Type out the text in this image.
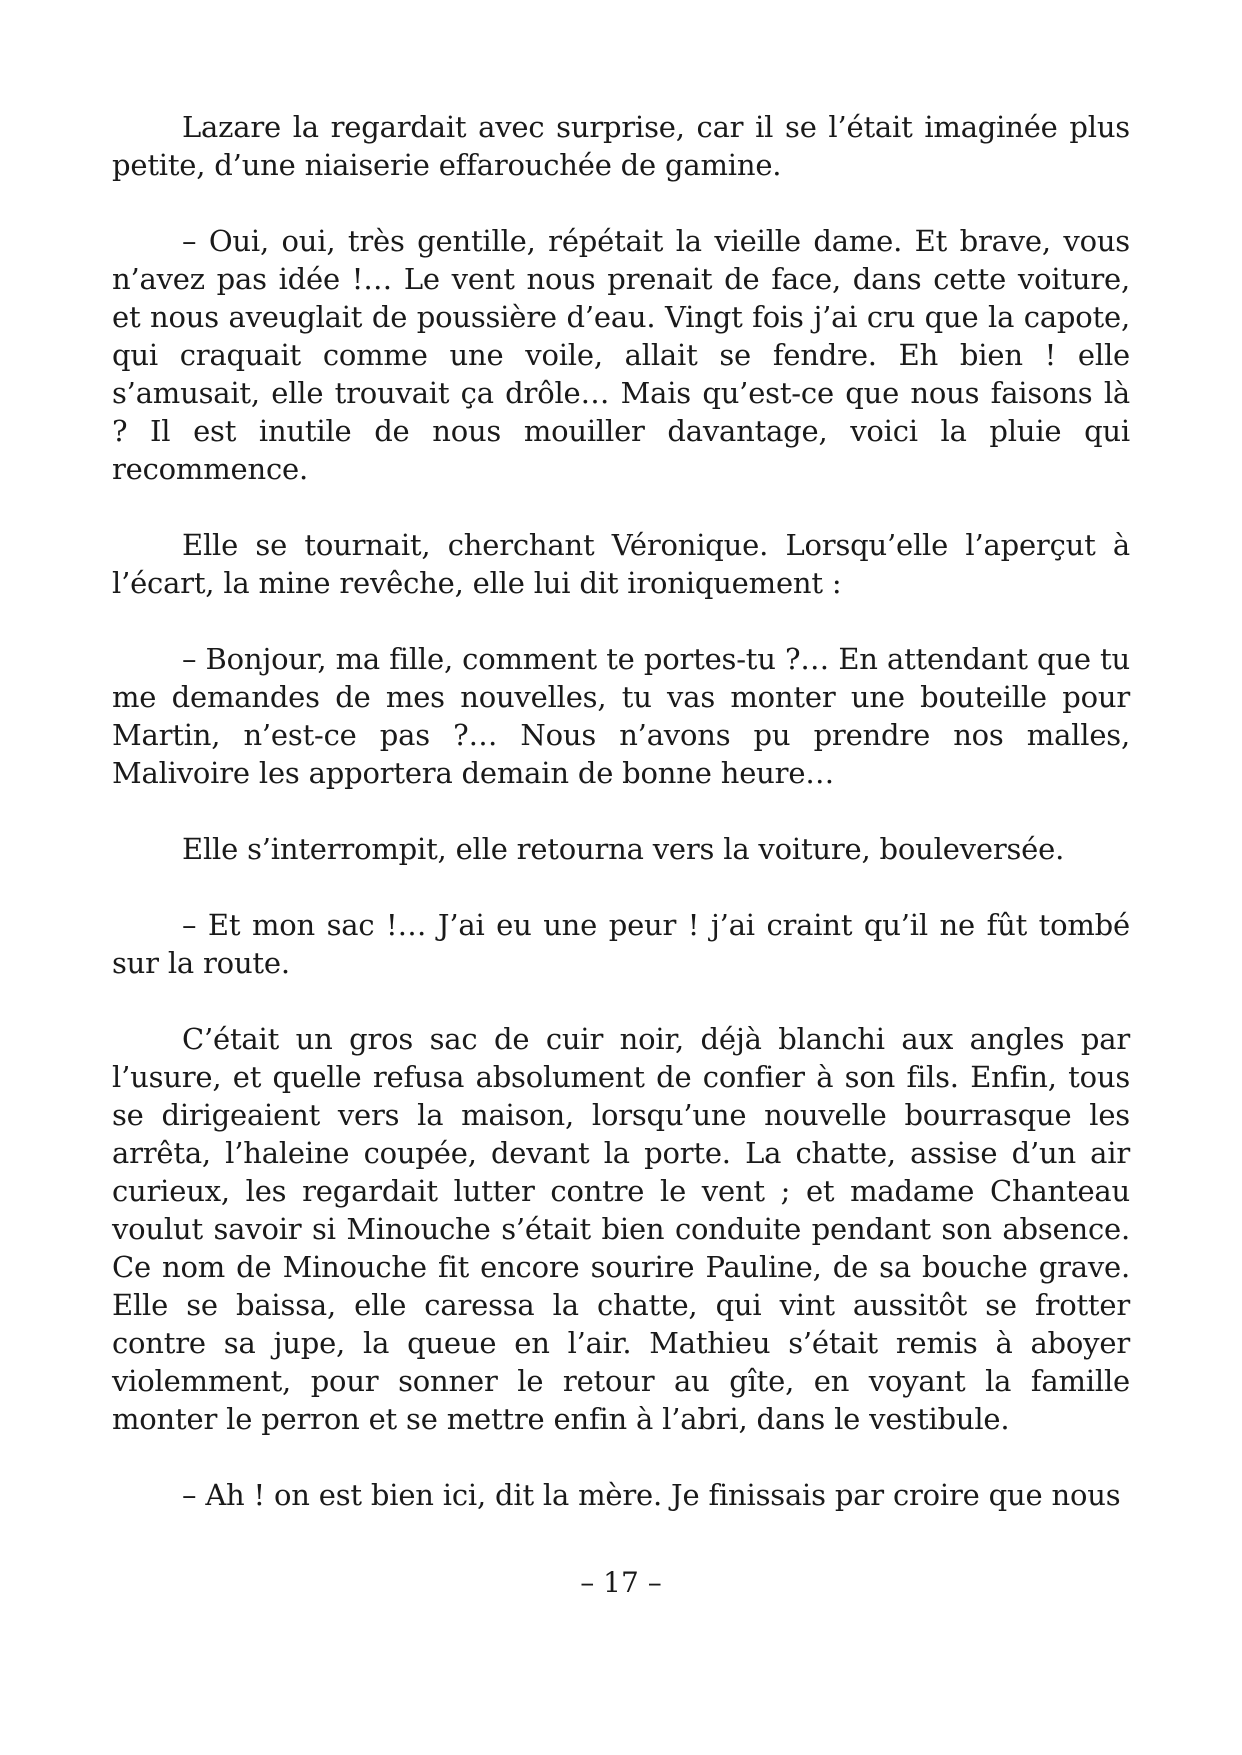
Lazare la regardait avec surprise, car il se l’était imaginée plus petite, d’une niaiserie effarouchée de gamine.

– Oui, oui, très gentille, répétait la vieille dame. Et brave, vous n’avez pas idée !… Le vent nous prenait de face, dans cette voiture, et nous aveuglait de poussière d’eau. Vingt fois j’ai cru que la capote, qui craquait comme une voile, allait se fendre. Eh bien ! elle s’amusait, elle trouvait ça drôle… Mais qu’est-ce que nous faisons là ? Il est inutile de nous mouiller davantage, voici la pluie qui recommence.

Elle se tournait, cherchant Véronique. Lorsqu’elle l’aperçut à l’écart, la mine revêche, elle lui dit ironiquement :

– Bonjour, ma fille, comment te portes-tu ?… En attendant que tu me demandes de mes nouvelles, tu vas monter une bouteille pour Martin, n’est-ce pas ?… Nous n’avons pu prendre nos malles, Malivoire les apportera demain de bonne heure…

Elle s’interrompit, elle retourna vers la voiture, bouleversée.

– Et mon sac !… J’ai eu une peur ! j’ai craint qu’il ne fût tombé sur la route.

C’était un gros sac de cuir noir, déjà blanchi aux angles par l’usure, et quelle refusa absolument de confier à son fils. Enfin, tous se dirigeaient vers la maison, lorsqu’une nouvelle bourrasque les arrêta, l’haleine coupée, devant la porte. La chatte, assise d’un air curieux, les regardait lutter contre le vent ; et madame Chanteau voulut savoir si Minouche s’était bien conduite pendant son absence. Ce nom de Minouche fit encore sourire Pauline, de sa bouche grave. Elle se baissa, elle caressa la chatte, qui vint aussitôt se frotter contre sa jupe, la queue en l’air. Mathieu s’était remis à aboyer violemment, pour sonner le retour au gîte, en voyant la famille monter le perron et se mettre enfin à l’abri, dans le vestibule.

– Ah ! on est bien ici, dit la mère. Je finissais par croire que nous

– 17 –
